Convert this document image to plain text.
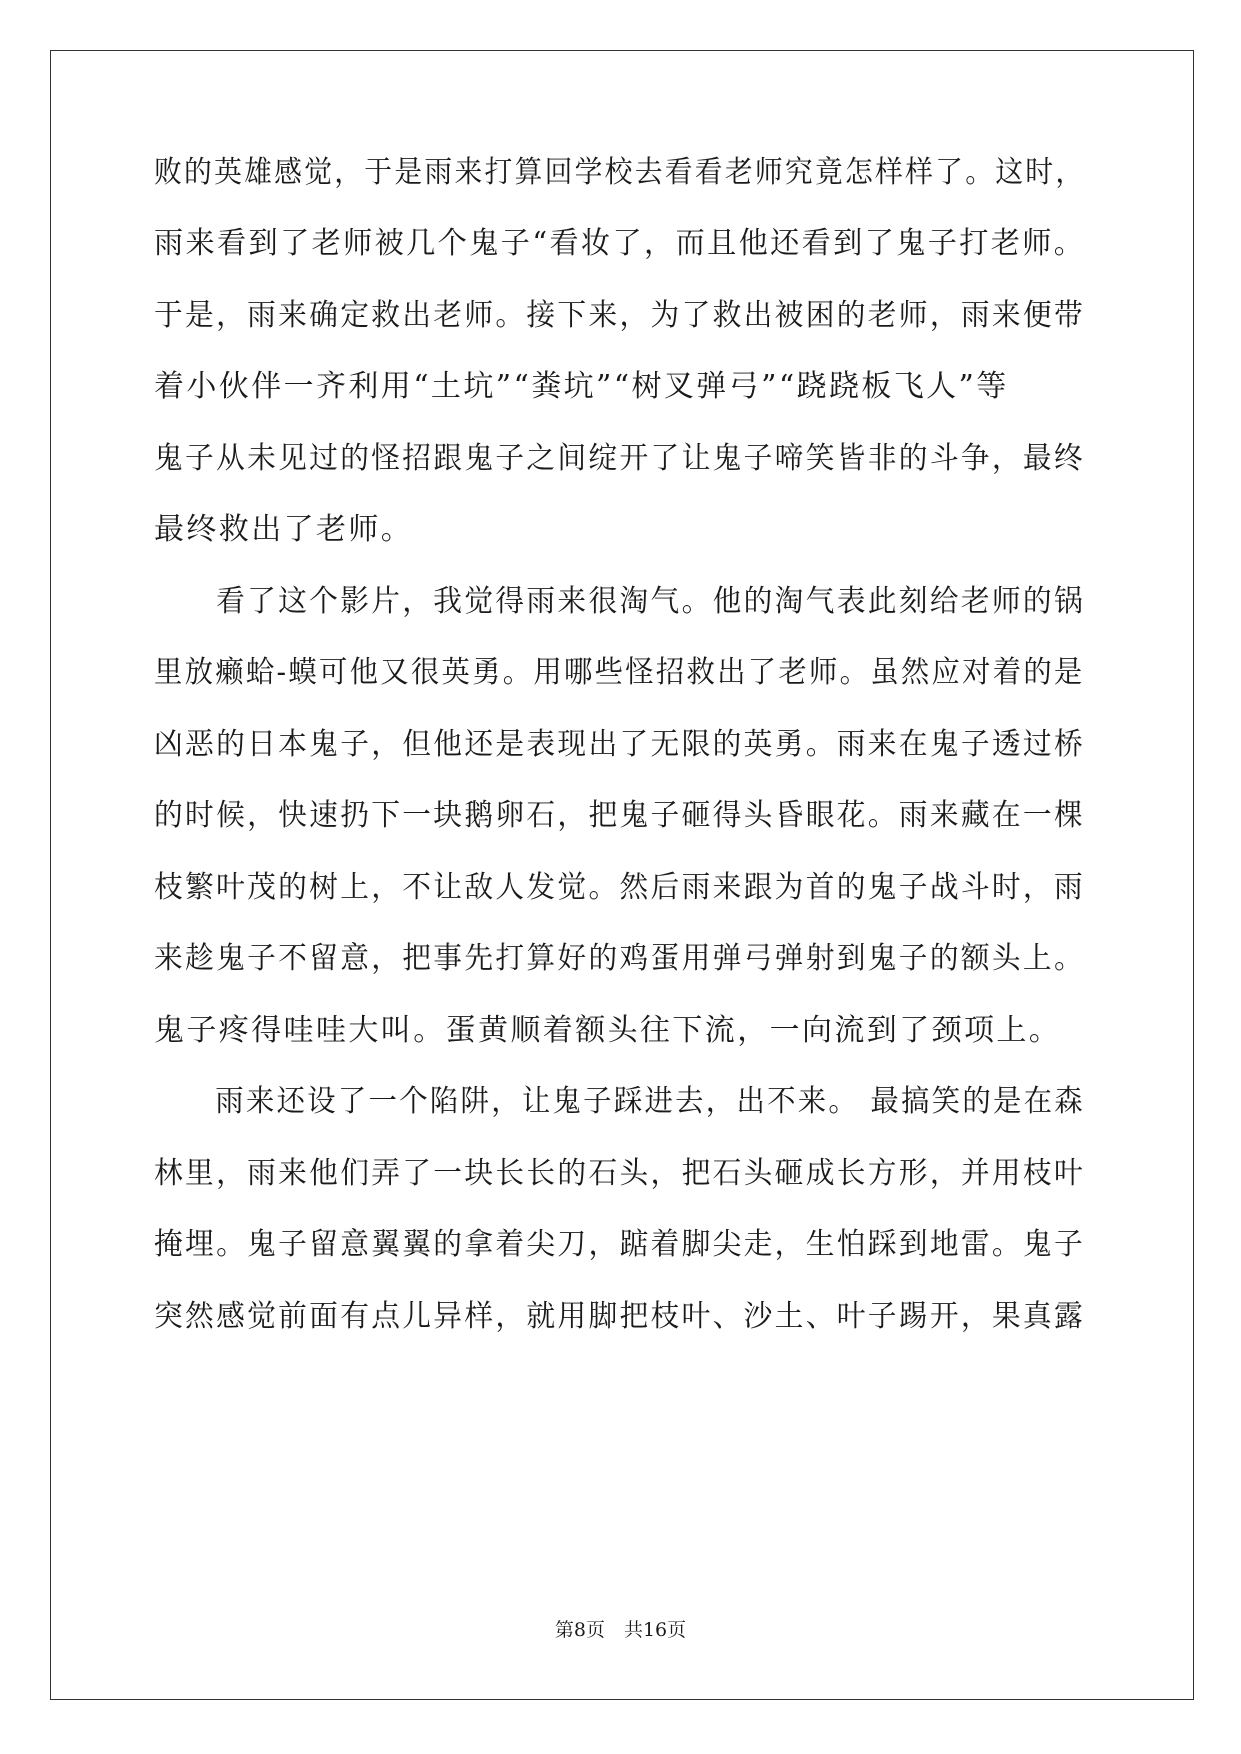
败的英雄感觉，于是雨来打算回学校去看看老师究竟怎样样了。这时，
雨来看到了老师被几个鬼子“看妆了，而且他还看到了鬼子打老师。
于是，雨来确定救出老师。接下来，为了救出被困的老师，雨来便带
着小伙伴一齐利用“土坑”“粪坑”“树叉弹弓”“跷跷板飞人”等
鬼子从未见过的怪招跟鬼子之间绽开了让鬼子啼笑皆非的斗争，最终
最终救出了老师。
　　看了这个影片，我觉得雨来很淘气。他的淘气表此刻给老师的锅
里放癞蛤-蟆可他又很英勇。用哪些怪招救出了老师。虽然应对着的是
凶恶的日本鬼子，但他还是表现出了无限的英勇。雨来在鬼子透过桥
的时候，快速扔下一块鹅卵石，把鬼子砸得头昏眼花。雨来藏在一棵
枝繁叶茂的树上，不让敌人发觉。然后雨来跟为首的鬼子战斗时，雨
来趁鬼子不留意，把事先打算好的鸡蛋用弹弓弹射到鬼子的额头上。
鬼子疼得哇哇大叫。蛋黄顺着额头往下流，一向流到了颈项上。
　　雨来还设了一个陷阱，让鬼子踩进去，出不来。 最搞笑的是在森
林里，雨来他们弄了一块长长的石头，把石头砸成长方形，并用枝叶
掩埋。鬼子留意翼翼的拿着尖刀，踮着脚尖走，生怕踩到地雷。鬼子
突然感觉前面有点儿异样，就用脚把枝叶、沙土、叶子踢开，果真露
第8页　共16页
